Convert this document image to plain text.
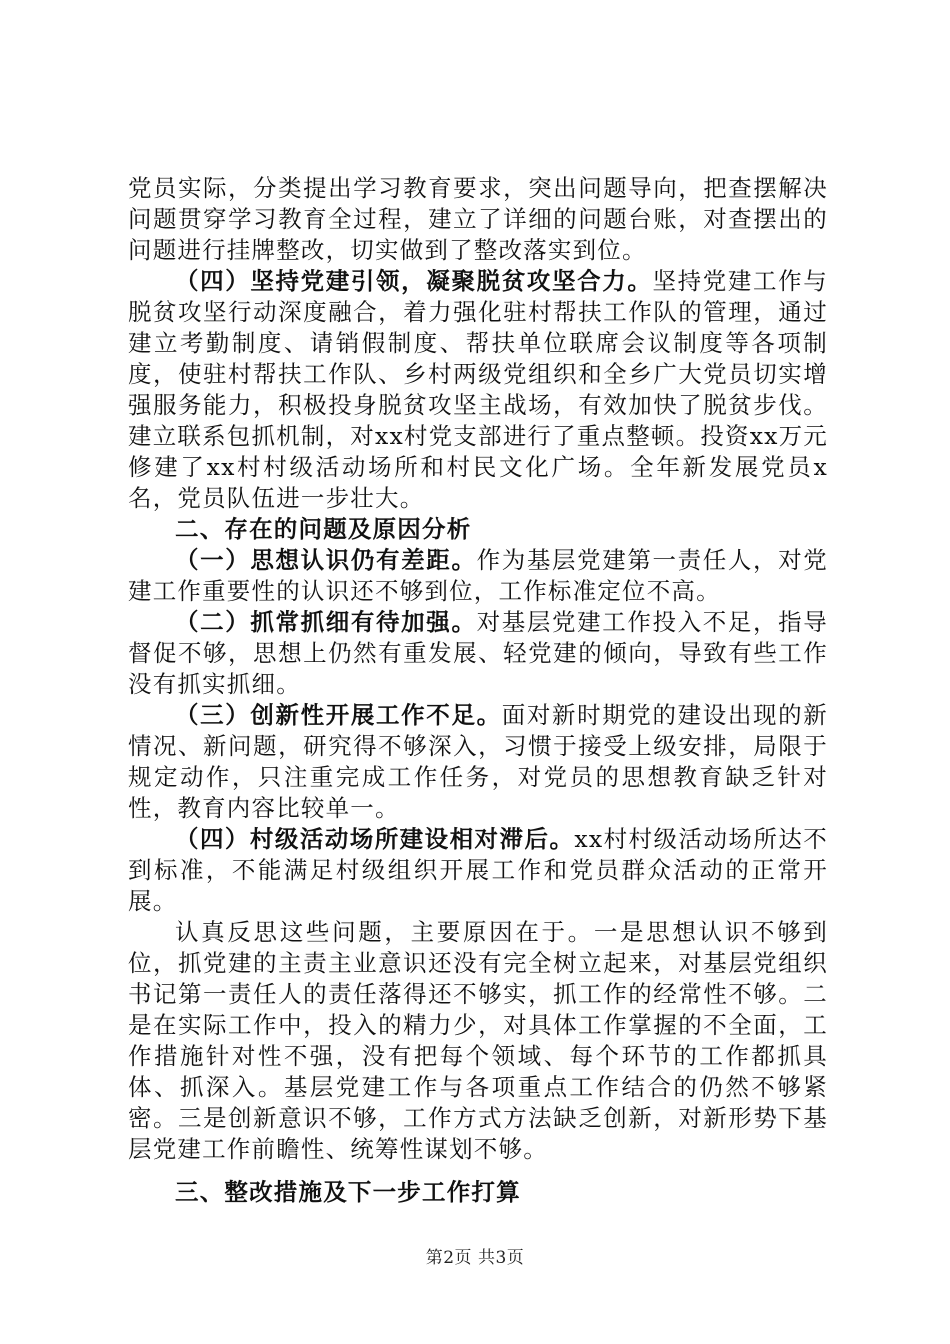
党员实际，分类提出学习教育要求，突出问题导向，把查摆解决问题贯穿学习教育全过程，建立了详细的问题台账，对查摆出的问题进行挂牌整改，切实做到了整改落实到位。

（四）坚持党建引领，凝聚脱贫攻坚合力。坚持党建工作与脱贫攻坚行动深度融合，着力强化驻村帮扶工作队的管理，通过建立考勤制度、请销假制度、帮扶单位联席会议制度等各项制度，使驻村帮扶工作队、乡村两级党组织和全乡广大党员切实增强服务能力，积极投身脱贫攻坚主战场，有效加快了脱贫步伐。建立联系包抓机制，对xx村党支部进行了重点整顿。投资xx万元修建了xx村村级活动场所和村民文化广场。全年新发展党员x名，党员队伍进一步壮大。

二、存在的问题及原因分析

（一）思想认识仍有差距。作为基层党建第一责任人，对党建工作重要性的认识还不够到位，工作标准定位不高。

（二）抓常抓细有待加强。对基层党建工作投入不足，指导督促不够，思想上仍然有重发展、轻党建的倾向，导致有些工作没有抓实抓细。

（三）创新性开展工作不足。面对新时期党的建设出现的新情况、新问题，研究得不够深入，习惯于接受上级安排，局限于规定动作，只注重完成工作任务，对党员的思想教育缺乏针对性，教育内容比较单一。

（四）村级活动场所建设相对滞后。xx村村级活动场所达不到标准，不能满足村级组织开展工作和党员群众活动的正常开展。

认真反思这些问题，主要原因在于。一是思想认识不够到位，抓党建的主责主业意识还没有完全树立起来，对基层党组织书记第一责任人的责任落得还不够实，抓工作的经常性不够。二是在实际工作中，投入的精力少，对具体工作掌握的不全面，工作措施针对性不强，没有把每个领域、每个环节的工作都抓具体、抓深入。基层党建工作与各项重点工作结合的仍然不够紧密。三是创新意识不够，工作方式方法缺乏创新，对新形势下基层党建工作前瞻性、统筹性谋划不够。

三、整改措施及下一步工作打算

第2页 共3页
